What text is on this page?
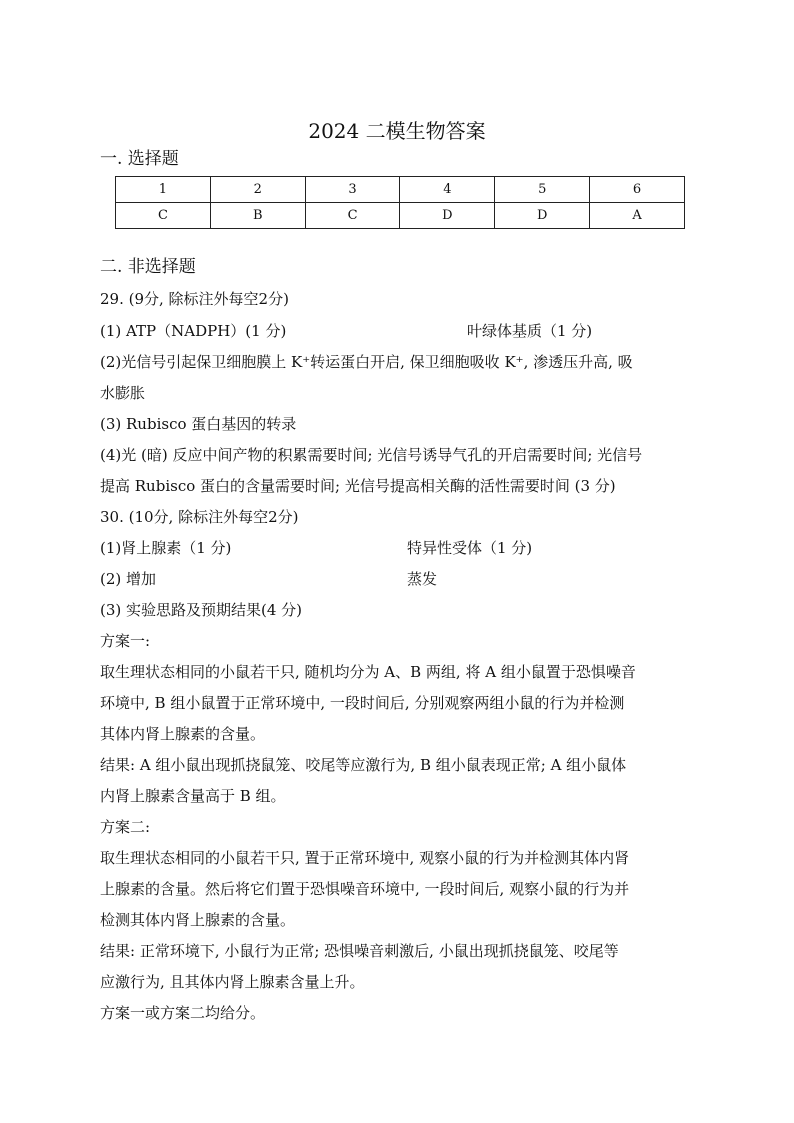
2024 二模生物答案
一. 选择题
1	2	3	4	5	6
C	B	C	D	D	A
二. 非选择题
29. (9分, 除标注外每空2分)
(1) ATP（NADPH）(1 分)	叶绿体基质（1 分)
(2)光信号引起保卫细胞膜上 K⁺转运蛋白开启, 保卫细胞吸收 K⁺, 渗透压升高, 吸
水膨胀
(3) Rubisco 蛋白基因的转录
(4)光 (暗) 反应中间产物的积累需要时间; 光信号诱导气孔的开启需要时间; 光信号
提高 Rubisco 蛋白的含量需要时间; 光信号提高相关酶的活性需要时间 (3 分)
30. (10分, 除标注外每空2分)
(1)肾上腺素（1 分)	特异性受体（1 分)
(2) 增加	蒸发
(3) 实验思路及预期结果(4 分)
方案一:
取生理状态相同的小鼠若干只, 随机均分为 A、B 两组, 将 A 组小鼠置于恐惧噪音
环境中, B 组小鼠置于正常环境中, 一段时间后, 分别观察两组小鼠的行为并检测
其体内肾上腺素的含量。
结果: A 组小鼠出现抓挠鼠笼、咬尾等应激行为, B 组小鼠表现正常; A 组小鼠体
内肾上腺素含量高于 B 组。
方案二:
取生理状态相同的小鼠若干只, 置于正常环境中, 观察小鼠的行为并检测其体内肾
上腺素的含量。然后将它们置于恐惧噪音环境中, 一段时间后, 观察小鼠的行为并
检测其体内肾上腺素的含量。
结果: 正常环境下, 小鼠行为正常; 恐惧噪音刺激后, 小鼠出现抓挠鼠笼、咬尾等
应激行为, 且其体内肾上腺素含量上升。
方案一或方案二均给分。
